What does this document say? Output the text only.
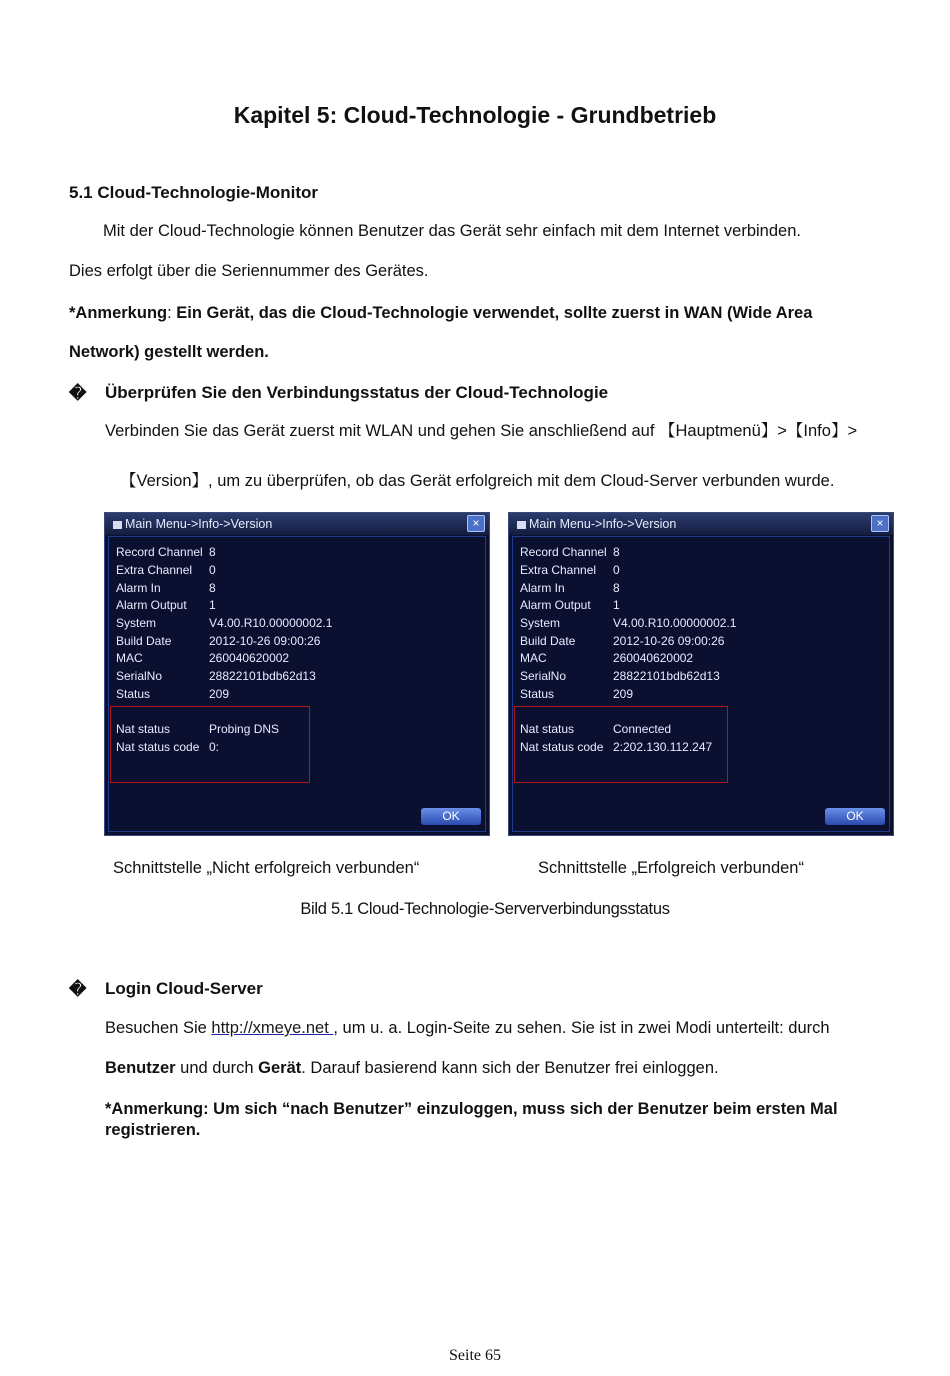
Kapitel 5: Cloud-Technologie - Grundbetrieb
5.1 Cloud-Technologie-Monitor
Mit der Cloud-Technologie können Benutzer das Gerät sehr einfach mit dem Internet verbinden.
Dies erfolgt über die Seriennummer des Gerätes.
*Anmerkung: Ein Gerät, das die Cloud-Technologie verwendet, sollte zuerst in WAN (Wide Area
Network) gestellt werden.
� Überprüfen Sie den Verbindungsstatus der Cloud-Technologie
Verbinden Sie das Gerät zuerst mit WLAN und gehen Sie anschließend auf 【Hauptmenü】>【Info】>
【Version】, um zu überprüfen, ob das Gerät erfolgreich mit dem Cloud-Server verbunden wurde.
Main Menu->Info->Version	×
Record Channel 8
Extra Channel 0
Alarm In	8
Alarm Output 1
System	V4.00.R10.00000002.1
Build Date	2012-10-26 09:00:26
MAC	260040620002
SerialNo	28822101bdb62d13
Status	209
Nat status	Probing DNS
Nat status code 0:
OK
Main Menu->Info->Version	×
Record Channel 8
Extra Channel 0
Alarm In	8
Alarm Output 1
System	V4.00.R10.00000002.1
Build Date	2012-10-26 09:00:26
MAC	260040620002
SerialNo	28822101bdb62d13
Status	209
Nat status	Connected
Nat status code 2:202.130.112.247
OK
Schnittstelle „Nicht erfolgreich verbunden“	Schnittstelle „Erfolgreich verbunden“
Bild 5.1 Cloud-Technologie-Serververbindungsstatus
� Login Cloud-Server
Besuchen Sie http://xmeye.net , um u. a. Login-Seite zu sehen. Sie ist in zwei Modi unterteilt: durch
Benutzer und durch Gerät. Darauf basierend kann sich der Benutzer frei einloggen.
*Anmerkung: Um sich “nach Benutzer” einzuloggen, muss sich der Benutzer beim ersten Mal
registrieren.
Seite 65
